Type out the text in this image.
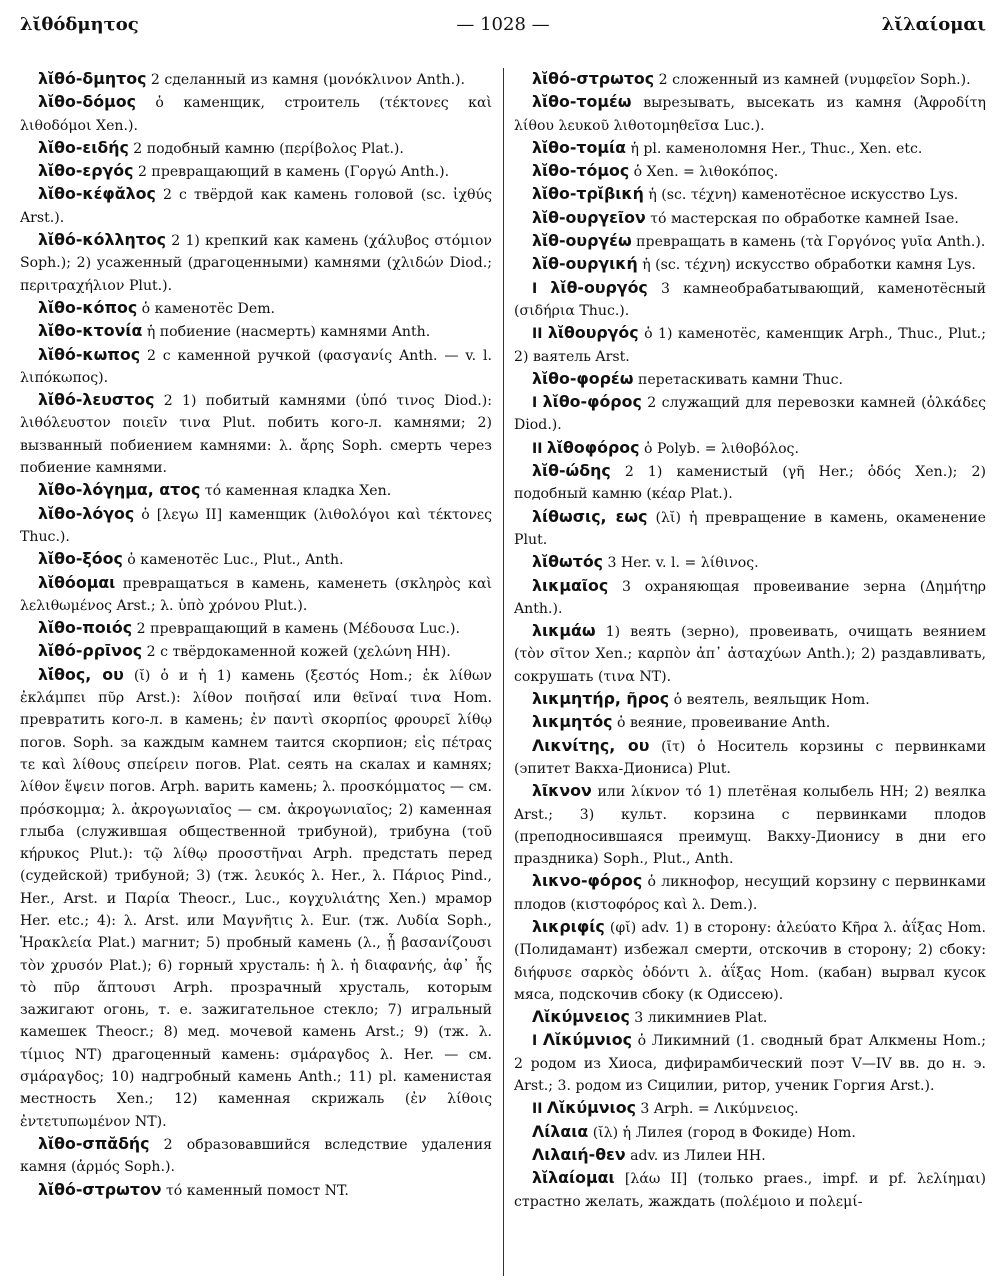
λῐθόδμητος	— 1028 —	λῐλαίομαι

λῐθό-δμητος 2 сделанный из камня (μονόκλινον Anth.).

λῐθο-δόμος ὁ каменщик, строитель (τέκτονες καὶ λιθοδόμοι Xen.).

λῐθο-ειδής 2 подобный камню (περίβολος Plat.).

λῐθο-εργός 2 превращающий в камень (Γοργώ Anth.).

λῐθο-κέφᾰλος 2 с твёрдой как камень головой (sc. ἰχθύς Arst.).

λῐθό-κόλλητος 2 1) крепкий как камень (χάλυβος στόμιον Soph.); 2) усаженный (драгоценными) камнями (χλιδών Diod.; περιτραχήλιον Plut.).

λῐθο-κόπος ὁ каменотёс Dem.

λῐθο-κτονία ἡ побиение (насмерть) камнями Anth.

λῐθό-κωπος 2 с каменной ручкой (φασγανίς Anth. — v. l. λιπόκωπος).

λῐθό-λευστος 2 1) побитый камнями (ὑπό τινος Diod.): λιθόλευστον ποιεῖν τινα Plut. побить кого-л. камнями; 2) вызванный побиением камнями: λ. ἄρης Soph. смерть через побиение камнями.

λῐθο-λόγημα, ατος τό каменная кладка Xen.

λῐθο-λόγος ὁ [λεγω II] каменщик (λιθολόγοι καὶ τέκτονες Thuc.).

λῐθο-ξόος ὁ каменотёс Luc., Plut., Anth.

λῐθόομαι превращаться в камень, каменеть (σκληρὸς καὶ λελιθωμένος Arst.; λ. ὑπὸ χρόνου Plut.).

λῐθο-ποιός 2 превращающий в камень (Μέδουσα Luc.).

λῐθό-ρρῑνος 2 с твёрдокаменной кожей (χελώνη HH).

λῐ́θος, ου (ῐ) ὁ и ἡ 1) камень (ξεστός Hom.; ἐκ λίθων ἐκλάμπει πῦρ Arst.): λίθον ποιῆσαί или θεῖναί τινα Hom. превратить кого-л. в камень; ἐν παντὶ σκορπίος φρουρεῖ λίθῳ погов. Soph. за каждым камнем таится скорпион; εἰς πέτρας τε καὶ λίθους σπείρειν погов. Plat. сеять на скалах и камнях; λίθον ἕψειν погов. Arph. варить камень; λ. προσκόμματος — см. πρόσκομμα; λ. ἀκρογωνιαῖος — см. ἀκρογωνιαῖος; 2) каменная глыба (служившая общественной трибуной), трибуна (τοῦ κήρυκος Plut.): τῷ λίθῳ προσστῆναι Arph. предстать перед (судейской) трибуной; 3) (тж. λευκός λ. Her., λ. Πάριος Pind., Her., Arst. и Παρία Theocr., Luc., κογχυλιάτης Xen.) мрамор Her. etc.; 4): λ. Arst. или Μαγνῆτις λ. Eur. (тж. Λυδία Soph., Ἡρακλεία Plat.) магнит; 5) пробный камень (λ., ᾗ βασανίζουσι τὸν χρυσόν Plat.); 6) горный хрусталь: ἡ λ. ἡ διαφανής, ἀφ᾽ ἧς τὸ πῦρ ἅπτουσι Arph. прозрачный хрусталь, которым зажигают огонь, т. е. зажигательное стекло; 7) игральный камешек Theocr.; 8) мед. мочевой камень Arst.; 9) (тж. λ. τίμιος NT) драгоценный камень: σμάραγδος λ. Her. — см. σμάραγδος; 10) надгробный камень Anth.; 11) pl. каменистая местность Xen.; 12) каменная скрижаль (ἐν λίθοις ἐντετυπωμένον NT).

λῐθο-σπᾰδής 2 образовавшийся вследствие удаления камня (ἁρμός Soph.).

λῐθό-στρωτον τό каменный помост NT.

λῐθό-στρωτος 2 сложенный из камней (νυμφεῖον Soph.).

λῐθο-τομέω вырезывать, высекать из камня (Ἀφροδίτη λίθου λευκοῦ λιθοτομηθεῖσα Luc.).

λῐθο-τομία ἡ pl. каменоломня Her., Thuc., Xen. etc.

λῐθο-τόμος ὁ Xen. = λιθοκόπος.

λῐθο-τρῐβική ἡ (sc. τέχνη) каменотёсное искусство Lys.

λῐθ-ουργεῖον τό мастерская по обработке камней Isae.

λῐθ-ουργέω превращать в камень (τὰ Γοργόνος γυῖα Anth.).

λῐθ-ουργική ἡ (sc. τέχνη) искусство обработки камня Lys.

I λῐθ-ουργός 3 камнеобрабатывающий, каменотёсный (σιδήρια Thuc.).

II λῐθουργός ὁ 1) каменотёс, каменщик Arph., Thuc., Plut.; 2) ваятель Arst.

λῐθο-φορέω перетаскивать камни Thuc.

I λῐθο-φόρος 2 служащий для перевозки камней (ὁλκάδες Diod.).

II λῐθοφόρος ὁ Polyb. = λιθοβόλος.

λῐθ-ώδης 2 1) каменистый (γῆ Her.; ὁδός Xen.); 2) подобный камню (κέαρ Plat.).

λίθωσις, εως (λῐ) ἡ превращение в камень, окаменение Plut.

λῐθωτός 3 Her. v. l. = λίθινος.

λικμαῖος 3 охраняющая провеивание зерна (Δημήτηρ Anth.).

λικμάω 1) веять (зерно), провеивать, очищать веянием (τὸν σῖτον Xen.; καρπὸν ἀπ᾽ ἀσταχύων Anth.); 2) раздавливать, сокрушать (τινα NT).

λικμητήρ, ῆρος ὁ веятель, веяльщик Hom.

λικμητός ὁ веяние, провеивание Anth.

Λικνίτης, ου (ῑτ) ὁ Носитель корзины с первинками (эпитет Вакха-Диониса) Plut.

λῖκνον или λίκνον τό 1) плетёная колыбель HH; 2) веялка Arst.; 3) культ. корзина с первинками плодов (преподносившаяся преимущ. Вакху-Дионису в дни его праздника) Soph., Plut., Anth.

λικνο-φόρος ὁ ликнофор, несущий корзину с первинками плодов (κιστοφόρος καὶ λ. Dem.).

λικριφίς (φῐ) adv. 1) в сторону: ἀλεύατο Κῆρα λ. ἀΐξας Hom. (Полидамант) избежал смерти, отскочив в сторону; 2) сбоку: διήφυσε σαρκὸς ὀδόντι λ. ἀΐξας Hom. (кабан) вырвал кусок мяса, подскочив сбоку (к Одиссею).

Λῐκύμνειος 3 ликимниев Plat.

I Λῐκύμνιος ὁ Ликимний (1. сводный брат Алкмены Hom.; 2 родом из Хиоса, дифирамбический поэт V—IV вв. до н. э. Arst.; 3. родом из Сицилии, ритор, ученик Горгия Arst.).

II Λῐκύμνιος 3 Arph. = Λικύμνειος.

Λίλαια (ῐλ) ἡ Лилея (город в Фокиде) Hom.

Λιλαιή-θεν adv. из Лилеи HH.

λῐλαίομαι [λάω II] (только praes., impf. и pf. λελίημαι) страстно желать, жаждать (πολέμοιο и πολεμί-
